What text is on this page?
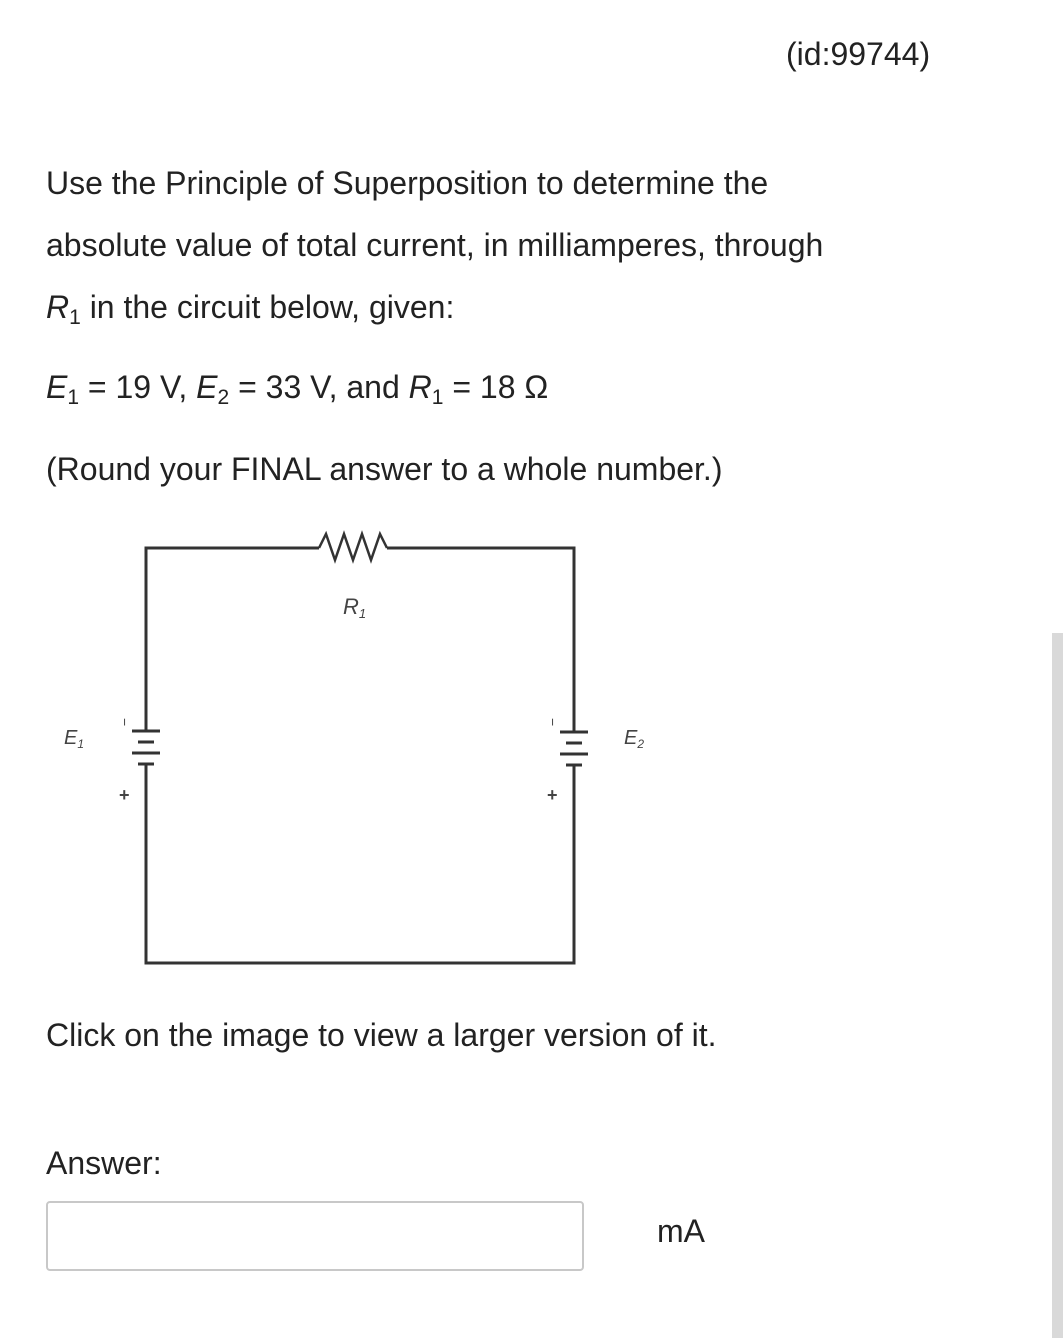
(id:99744)

Use the Principle of Superposition to determine the

absolute value of total current, in milliamperes, through

$R_1$ in the circuit below, given:

$E_1 = 19$ V, $E_2 = 33$ V, and $R_1 = 18$ Ω
(Round your FINAL answer to a whole number.)
R1
$E_1$	$E_2$
−
+
−
+
Click on the image to view a larger version of it.
Answer:
mA
